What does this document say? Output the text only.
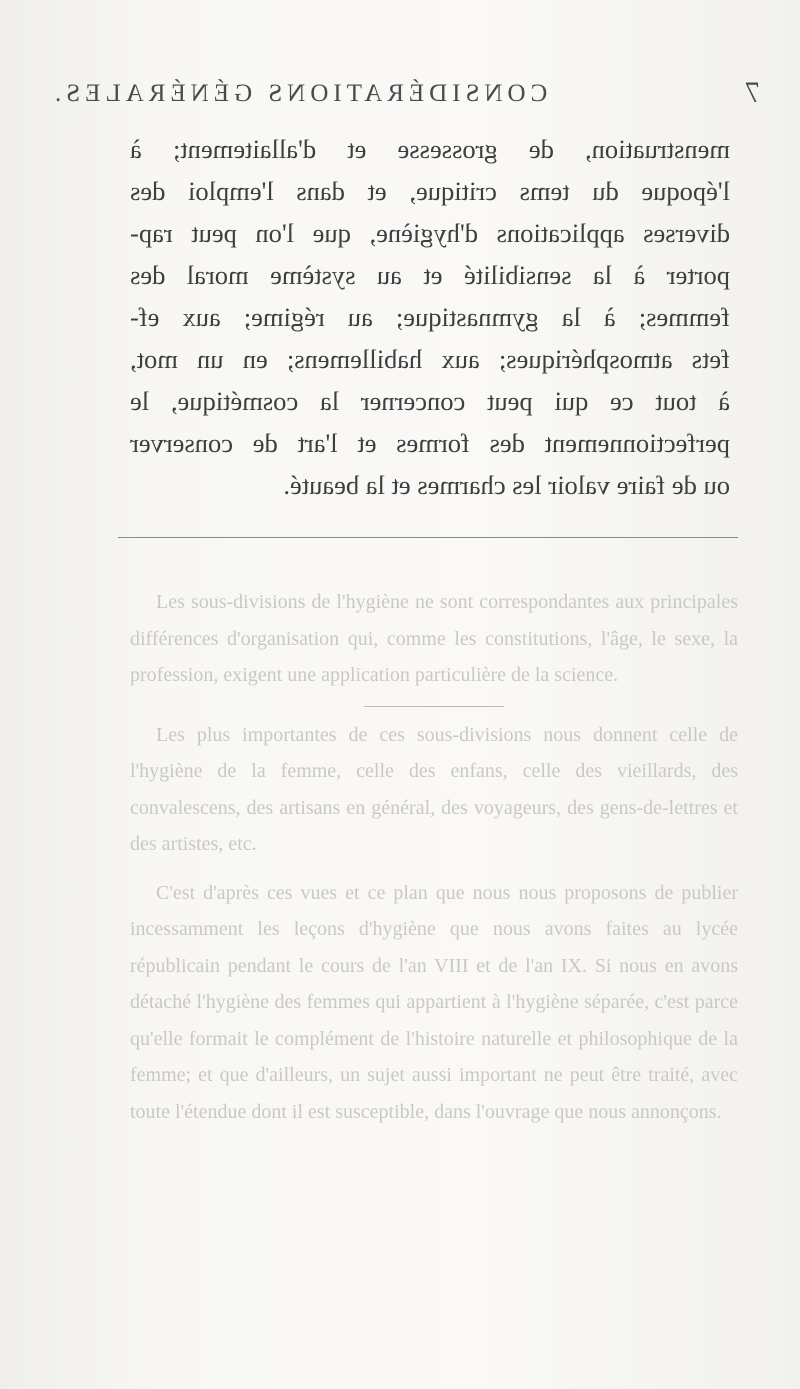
7
CONSIDÉRATIONS GÉNÉRALES.
menstruation, de grossesse et d'allaitement; à
l'époque du tems critique, et dans l'emploi des
diverses applications d'hygiène, que l'on peut rap-
porter à la sensibilité et au système moral des
femmes; à la gymnastique; au régime; aux ef-
fets atmosphériques; aux habillemens; en un mot,
à tout ce qui peut concerner la cosmétique, le
perfectionnement des formes et l'art de conserver
ou de faire valoir les charmes et la beauté.

Les sous-divisions de l'hygiène ne sont correspondantes aux principales différences d'organisation qui, comme les constitutions, l'âge, le sexe, la profession, exigent une application particulière de la science.

Les plus importantes de ces sous-divisions nous donnent celle de l'hygiène de la femme, celle des enfans, celle des vieillards, des convalescens, des artisans en général, des voyageurs, des gens-de-lettres et des artistes, etc.

C'est d'après ces vues et ce plan que nous nous proposons de publier incessamment les leçons d'hygiène que nous avons faites au lycée républicain pendant le cours de l'an VIII et de l'an IX. Si nous en avons détaché l'hygiène des femmes qui appartient à l'hygiène séparée, c'est parce qu'elle formait le complément de l'histoire naturelle et philosophique de la femme; et que d'ailleurs, un sujet aussi important ne peut être traité, avec toute l'étendue dont il est susceptible, dans l'ouvrage que nous annonçons.
